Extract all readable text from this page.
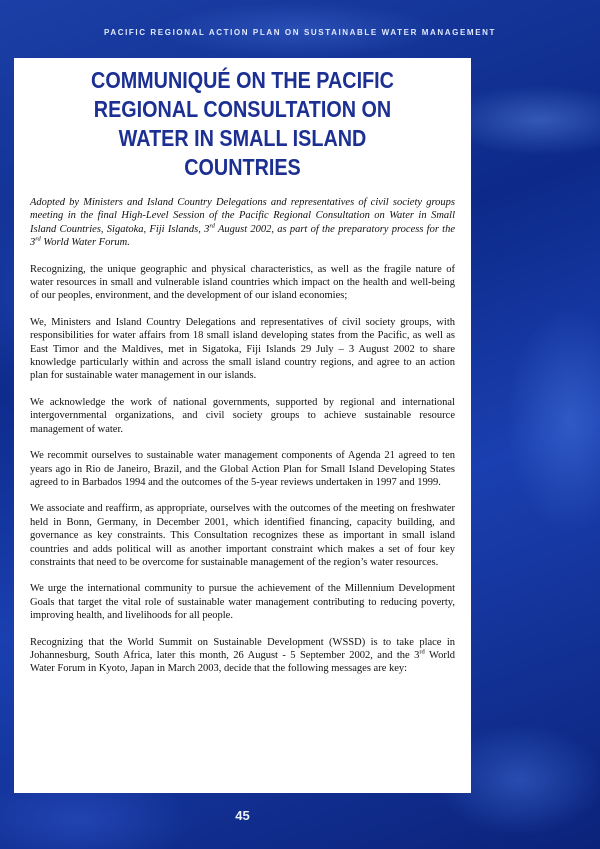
PACIFIC REGIONAL ACTION PLAN ON SUSTAINABLE WATER MANAGEMENT
COMMUNIQUÉ ON THE PACIFIC REGIONAL CONSULTATION ON WATER IN SMALL ISLAND COUNTRIES

Adopted by Ministers and Island Country Delegations and representatives of civil society groups meeting in the final High-Level Session of the Pacific Regional Consultation on Water in Small Island Countries, Sigatoka, Fiji Islands, 3rd August 2002, as part of the preparatory process for the 3rd World Water Forum.

Recognizing, the unique geographic and physical characteristics, as well as the fragile nature of water resources in small and vulnerable island countries which impact on the health and well-being of our peoples, environment, and the development of our island economies;

We, Ministers and Island Country Delegations and representatives of civil society groups, with responsibilities for water affairs from 18 small island developing states from the Pacific, as well as East Timor and the Maldives, met in Sigatoka, Fiji Islands 29 July – 3 August 2002 to share knowledge particularly within and across the small island country regions, and agree to an action plan for sustainable water management in our islands.

We acknowledge the work of national governments, supported by regional and international intergovernmental organizations, and civil society groups to achieve sustainable resource management of water.

We recommit ourselves to sustainable water management components of Agenda 21 agreed to ten years ago in Rio de Janeiro, Brazil, and the Global Action Plan for Small Island Developing States agreed to in Barbados 1994 and the outcomes of the 5-year reviews undertaken in 1997 and 1999.

We associate and reaffirm, as appropriate, ourselves with the outcomes of the meeting on freshwater held in Bonn, Germany, in December 2001, which identified financing, capacity building, and governance as key constraints. This Consultation recognizes these as important in small island countries and adds political will as another important constraint which makes a set of four key constraints that need to be overcome for sustainable management of the region’s water resources.

We urge the international community to pursue the achievement of the Millennium Development Goals that target the vital role of sustainable water management contributing to reducing poverty, improving health, and livelihoods for all people.

Recognizing that the World Summit on Sustainable Development (WSSD) is to take place in Johannesburg, South Africa, later this month, 26 August - 5 September 2002, and the 3rd World Water Forum in Kyoto, Japan in March 2003, decide that the following messages are key:

45
